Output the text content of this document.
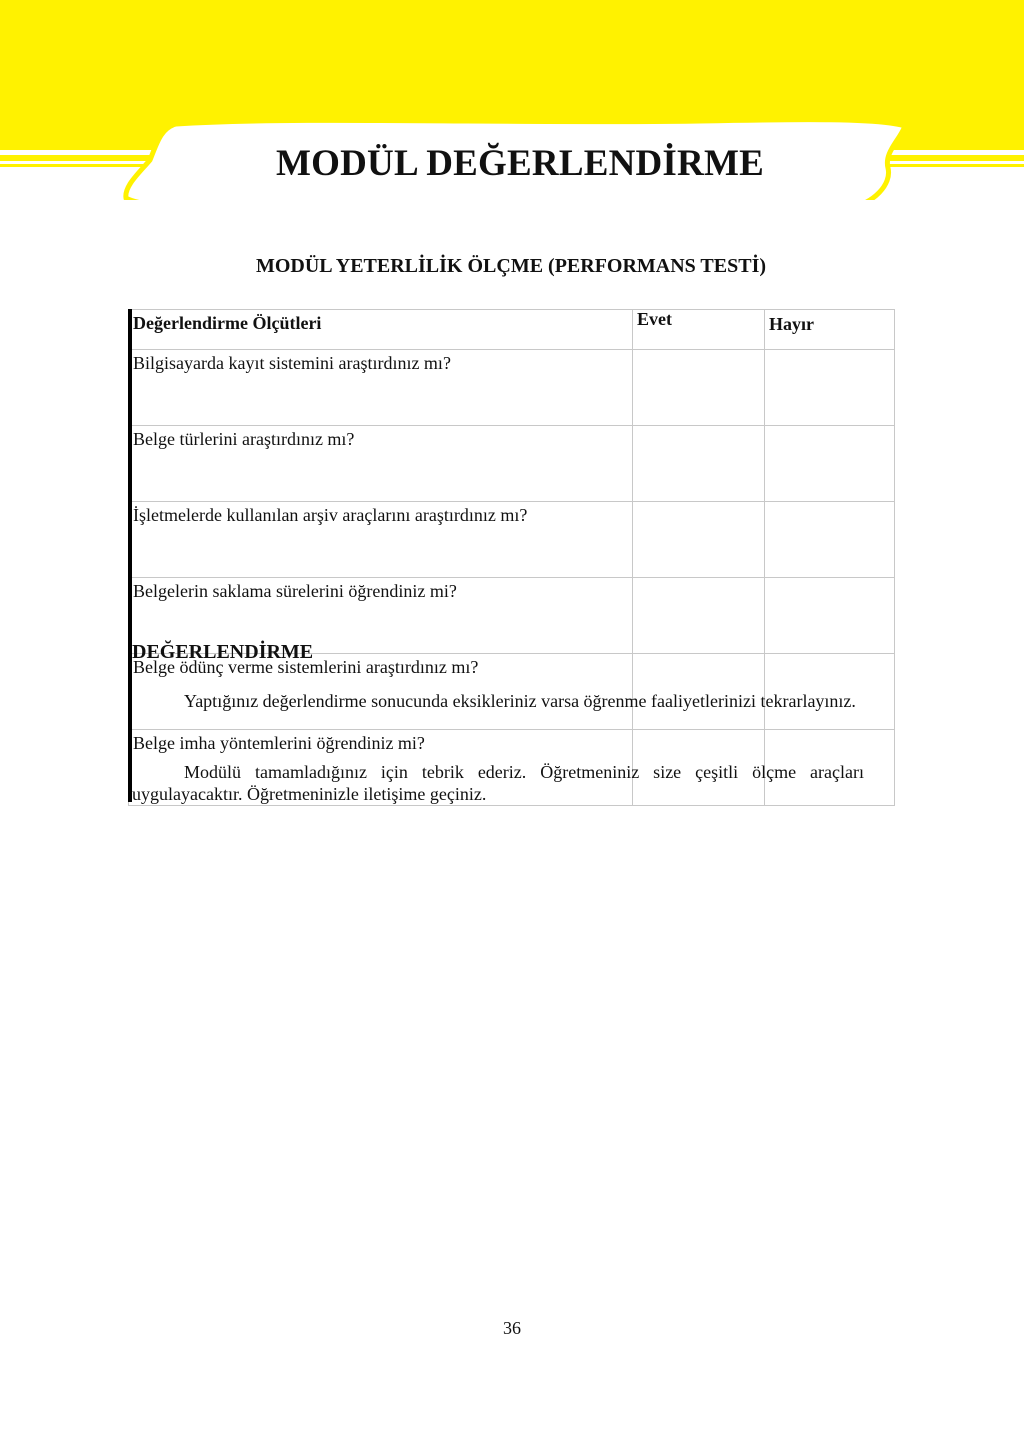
MODÜL DEĞERLENDİRME
MODÜL YETERLİLİK ÖLÇME (PERFORMANS TESTİ)
Değerlendirme Ölçütleri	Evet	Hayır

Bilgisayarda kayıt sistemini araştırdınız mı?		

Belge türlerini araştırdınız mı?		

İşletmelerde kullanılan arşiv araçlarını araştırdınız mı?		

Belgelerin saklama sürelerini öğrendiniz mi?		

Belge ödünç verme sistemlerini araştırdınız mı?		

Belge imha yöntemlerini öğrendiniz mi?		

DEĞERLENDİRME

Yaptığınız değerlendirme sonucunda eksikleriniz varsa öğrenme faaliyetlerinizi tekrarlayınız.

Modülü tamamladığınız için tebrik ederiz. Öğretmeniniz size çeşitli ölçme araçları uygulayacaktır. Öğretmeninizle iletişime geçiniz.

36
